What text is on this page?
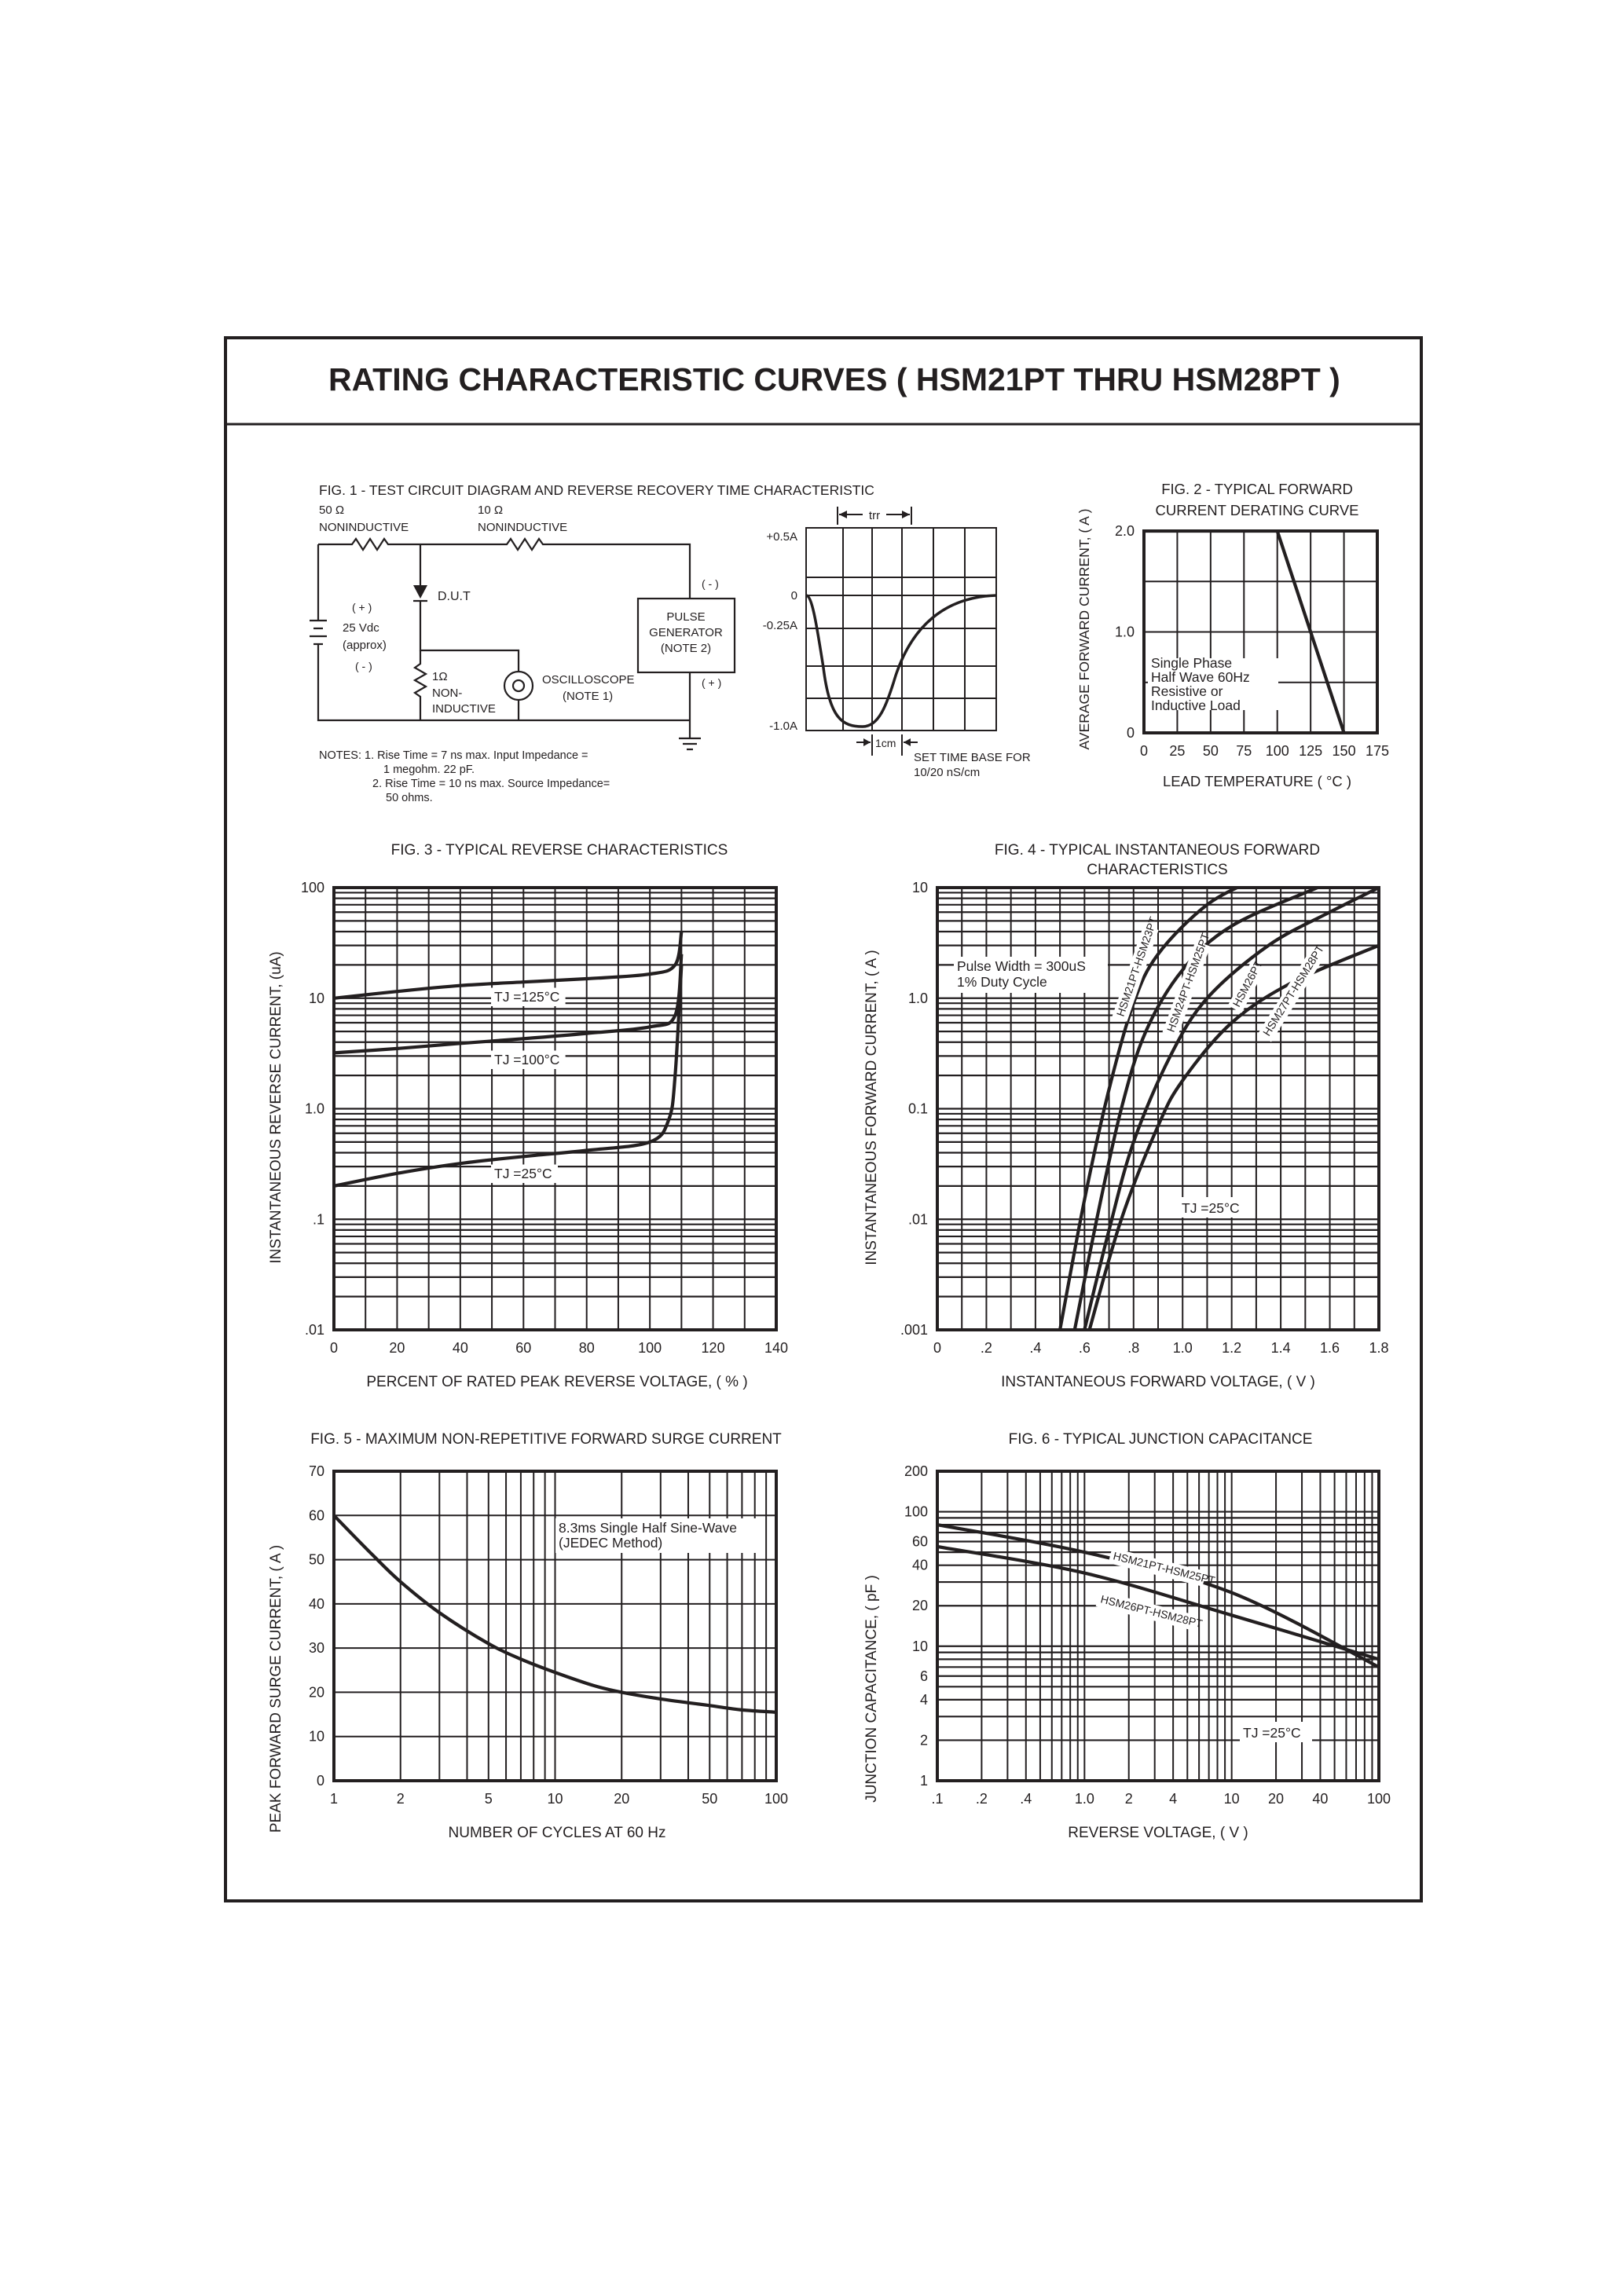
RATING CHARACTERISTIC CURVES ( HSM21PT THRU HSM28PT )
FIG. 1 - TEST CIRCUIT DIAGRAM AND REVERSE RECOVERY TIME CHARACTERISTIC
50 Ω
NONINDUCTIVE
10 Ω
NONINDUCTIVE
D.U.T
( + )
25 Vdc
(approx)
( - )
1Ω
NON-
INDUCTIVE
OSCILLOSCOPE
(NOTE 1)
PULSE
GENERATOR
(NOTE 2)
( - )
( + )
NOTES: 1. Rise Time = 7 ns max. Input Impedance =
1 megohm. 22 pF.
2. Rise Time = 10 ns max. Source Impedance=
50 ohms.
+0.5A
0
-0.25A
-1.0A
trr
1cm
SET TIME BASE FOR
10/20 nS/cm
0 25 50 75 100 125 150 175
0
1.0
2.0
FIG. 2 - TYPICAL FORWARD
CURRENT DERATING CURVE
Single Phase
Half Wave 60Hz
Resistive or
Inductive Load
LEAD TEMPERATURE ( °C )
AVERAGE FORWARD CURRENT, ( A )
0	20	40	60	80	100	120	140
.01
.1
1.0
10
100
FIG. 3 - TYPICAL REVERSE CHARACTERISTICS
PERCENT OF RATED PEAK REVERSE VOLTAGE, ( % )
INSTANTANEOUS REVERSE CURRENT, (uA)	TJ =125°C
TJ =100°C
TJ =25°C
0	.2	.4	.6	.8 1.0 1.2 1.4 1.6 1.8
.001
.01
0.1
1.0
10
FIG. 4 - TYPICAL INSTANTANEOUS FORWARD
CHARACTERISTICS
Pulse Width = 300uS
1% Duty Cycle
TJ =25°C
INSTANTANEOUS FORWARD VOLTAGE, ( V )
INSTANTANEOUS FORWARD CURRENT, ( A )	HSM21PT-HSM23PT HSM24PT-HSM25PT HSM26PT
HSM27PT-HSM28PT
1	2	5	10	20	50	100
0
10
20
30
40
50
60
70
FIG. 5 - MAXIMUM NON-REPETITIVE FORWARD SURGE CURRENT
8.3ms Single Half Sine-Wave
(JEDEC Method)
NUMBER OF CYCLES AT 60 Hz
PEAK FORWARD SURGE CURRENT, ( A )	.1 .2 .4	1.0 2	4	10 20 40	100
1
2
4
6
10
20
40
60
100
200
FIG. 6 - TYPICAL JUNCTION CAPACITANCE
TJ =25°C
REVERSE VOLTAGE, ( V )
JUNCTION CAPACITANCE, ( pF )
HSM21PT-HSM25PT
HSM26PT-HSM28PT
